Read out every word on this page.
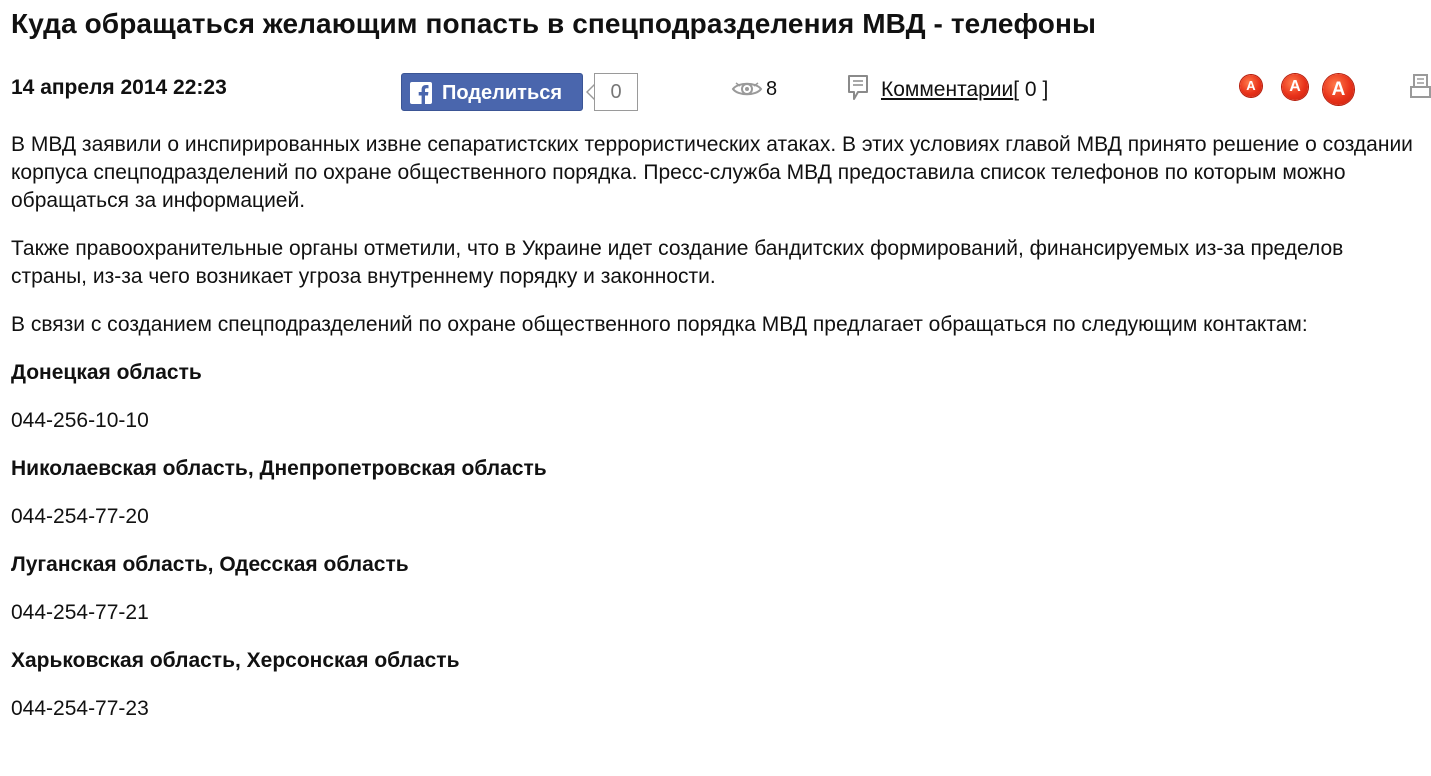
Куда обращаться желающим попасть в спецподразделения МВД - телефоны
14 апреля 2014 22:23	Поделиться	0	8	Комментарии[ 0 ]	A	A	A

В МВД заявили о инспирированных извне сепаратистских террористических атаках. В этих условиях главой МВД принято решение о создании корпуса спецподразделений по охране общественного порядка. Пресс-служба МВД предоставила список телефонов по которым можно обращаться за информацией.

Также правоохранительные органы отметили, что в Украине идет создание бандитских формирований, финансируемых из-за пределов страны, из-за чего возникает угроза внутреннему порядку и законности.

В связи с созданием спецподразделений по охране общественного порядка МВД предлагает обращаться по следующим контактам:

Донецкая область

044-256-10-10

Николаевская область, Днепропетровская область

044-254-77-20

Луганская область, Одесская область

044-254-77-21

Харьковская область, Херсонская область

044-254-77-23
